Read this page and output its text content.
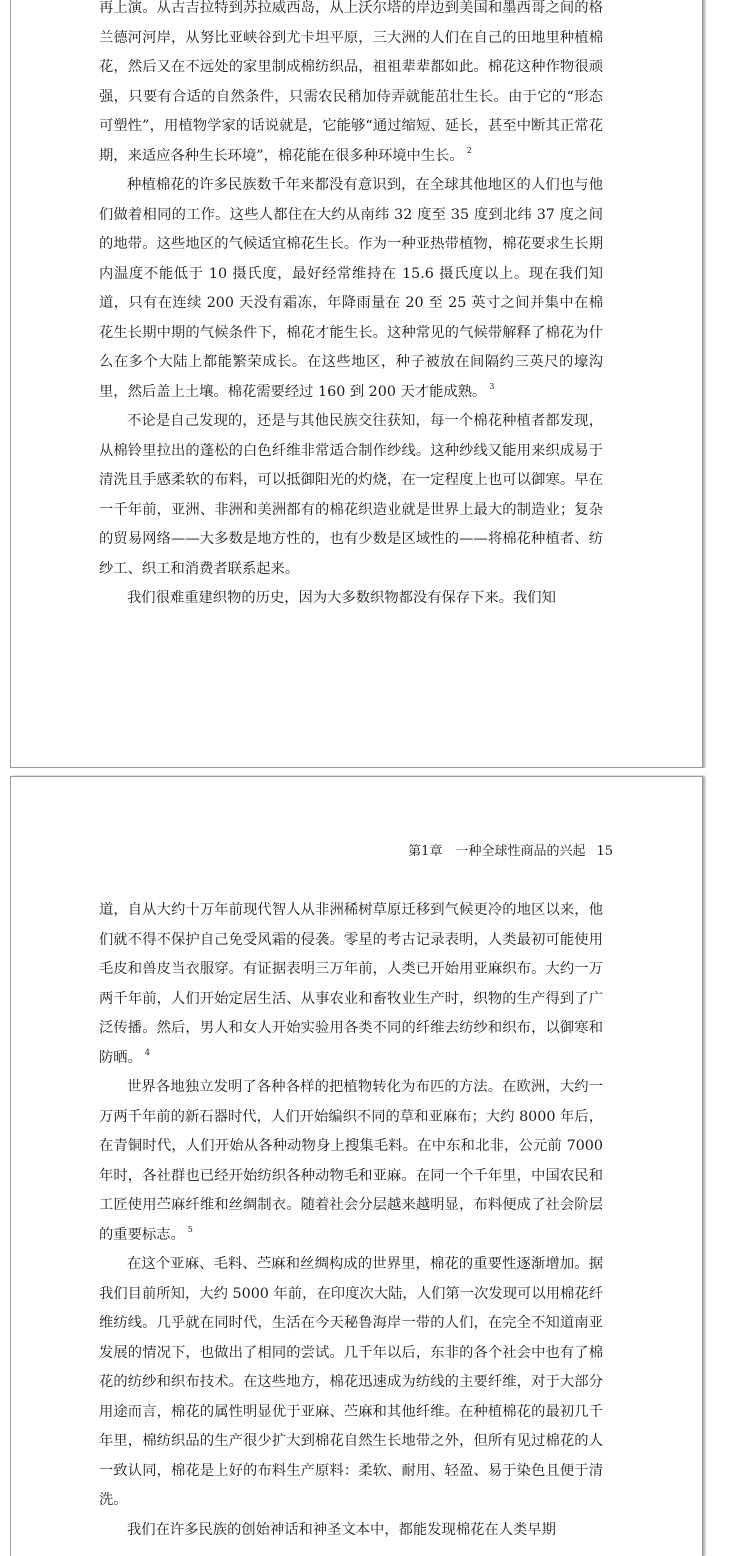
再上演。从古吉拉特到苏拉威西岛，从上沃尔塔的岸边到美国和墨西哥之间的格兰德河河岸，从努比亚峡谷到尤卡坦平原，三大洲的人们在自己的田地里种植棉花，然后又在不远处的家里制成棉纺织品，祖祖辈辈都如此。棉花这种作物很顽强，只要有合适的自然条件，只需农民稍加侍弄就能茁壮生长。由于它的“形态可塑性”，用植物学家的话说就是，它能够“通过缩短、延长，甚至中断其正常花期，来适应各种生长环境”，棉花能在很多种环境中生长。 $^2$

种植棉花的许多民族数千年来都没有意识到，在全球其他地区的人们也与他们做着相同的工作。这些人都住在大约从南纬 32 度至 35 度到北纬 37 度之间的地带。这些地区的气候适宜棉花生长。作为一种亚热带植物，棉花要求生长期内温度不能低于 10 摄氏度，最好经常维持在 15.6 摄氏度以上。现在我们知道，只有在连续 200 天没有霜冻，年降雨量在 20 至 25 英寸之间并集中在棉花生长期中期的气候条件下，棉花才能生长。这种常见的气候带解释了棉花为什么在多个大陆上都能繁荣成长。在这些地区，种子被放在间隔约三英尺的壕沟里，然后盖上土壤。棉花需要经过 160 到 200 天才能成熟。 $^3$

不论是自己发现的，还是与其他民族交往获知，每一个棉花种植者都发现，从棉铃里拉出的蓬松的白色纤维非常适合制作纱线。这种纱线又能用来织成易于清洗且手感柔软的布料，可以抵御阳光的灼烧，在一定程度上也可以御寒。早在一千年前，亚洲、非洲和美洲都有的棉花织造业就是世界上最大的制造业；复杂的贸易网络——大多数是地方性的，也有少数是区域性的——将棉花种植者、纺纱工、织工和消费者联系起来。

我们很难重建织物的历史，因为大多数织物都没有保存下来。我们知

第1章　一种全球性商品的兴起 15

道，自从大约十万年前现代智人从非洲稀树草原迁移到气候更冷的地区以来，他们就不得不保护自己免受风霜的侵袭。零星的考古记录表明，人类最初可能使用毛皮和兽皮当衣服穿。有证据表明三万年前，人类已开始用亚麻织布。大约一万两千年前，人们开始定居生活、从事农业和畜牧业生产时，织物的生产得到了广泛传播。然后，男人和女人开始实验用各类不同的纤维去纺纱和织布，以御寒和防晒。 $^4$

世界各地独立发明了各种各样的把植物转化为布匹的方法。在欧洲，大约一万两千年前的新石器时代，人们开始编织不同的草和亚麻布；大约 8000 年后，在青铜时代，人们开始从各种动物身上搜集毛料。在中东和北非，公元前 7000 年时，各社群也已经开始纺织各种动物毛和亚麻。在同一个千年里，中国农民和工匠使用苎麻纤维和丝绸制衣。随着社会分层越来越明显，布料便成了社会阶层的重要标志。 $^5$

在这个亚麻、毛料、苎麻和丝绸构成的世界里，棉花的重要性逐渐增加。据我们目前所知，大约 5000 年前，在印度次大陆，人们第一次发现可以用棉花纤维纺线。几乎就在同时代，生活在今天秘鲁海岸一带的人们，在完全不知道南亚发展的情况下，也做出了相同的尝试。几千年以后，东非的各个社会中也有了棉花的纺纱和织布技术。在这些地方，棉花迅速成为纺线的主要纤维，对于大部分用途而言，棉花的属性明显优于亚麻、苎麻和其他纤维。在种植棉花的最初几千年里，棉纺织品的生产很少扩大到棉花自然生长地带之外，但所有见过棉花的人一致认同，棉花是上好的布料生产原料：柔软、耐用、轻盈、易于染色且便于清洗。

我们在许多民族的创始神话和神圣文本中，都能发现棉花在人类早期
